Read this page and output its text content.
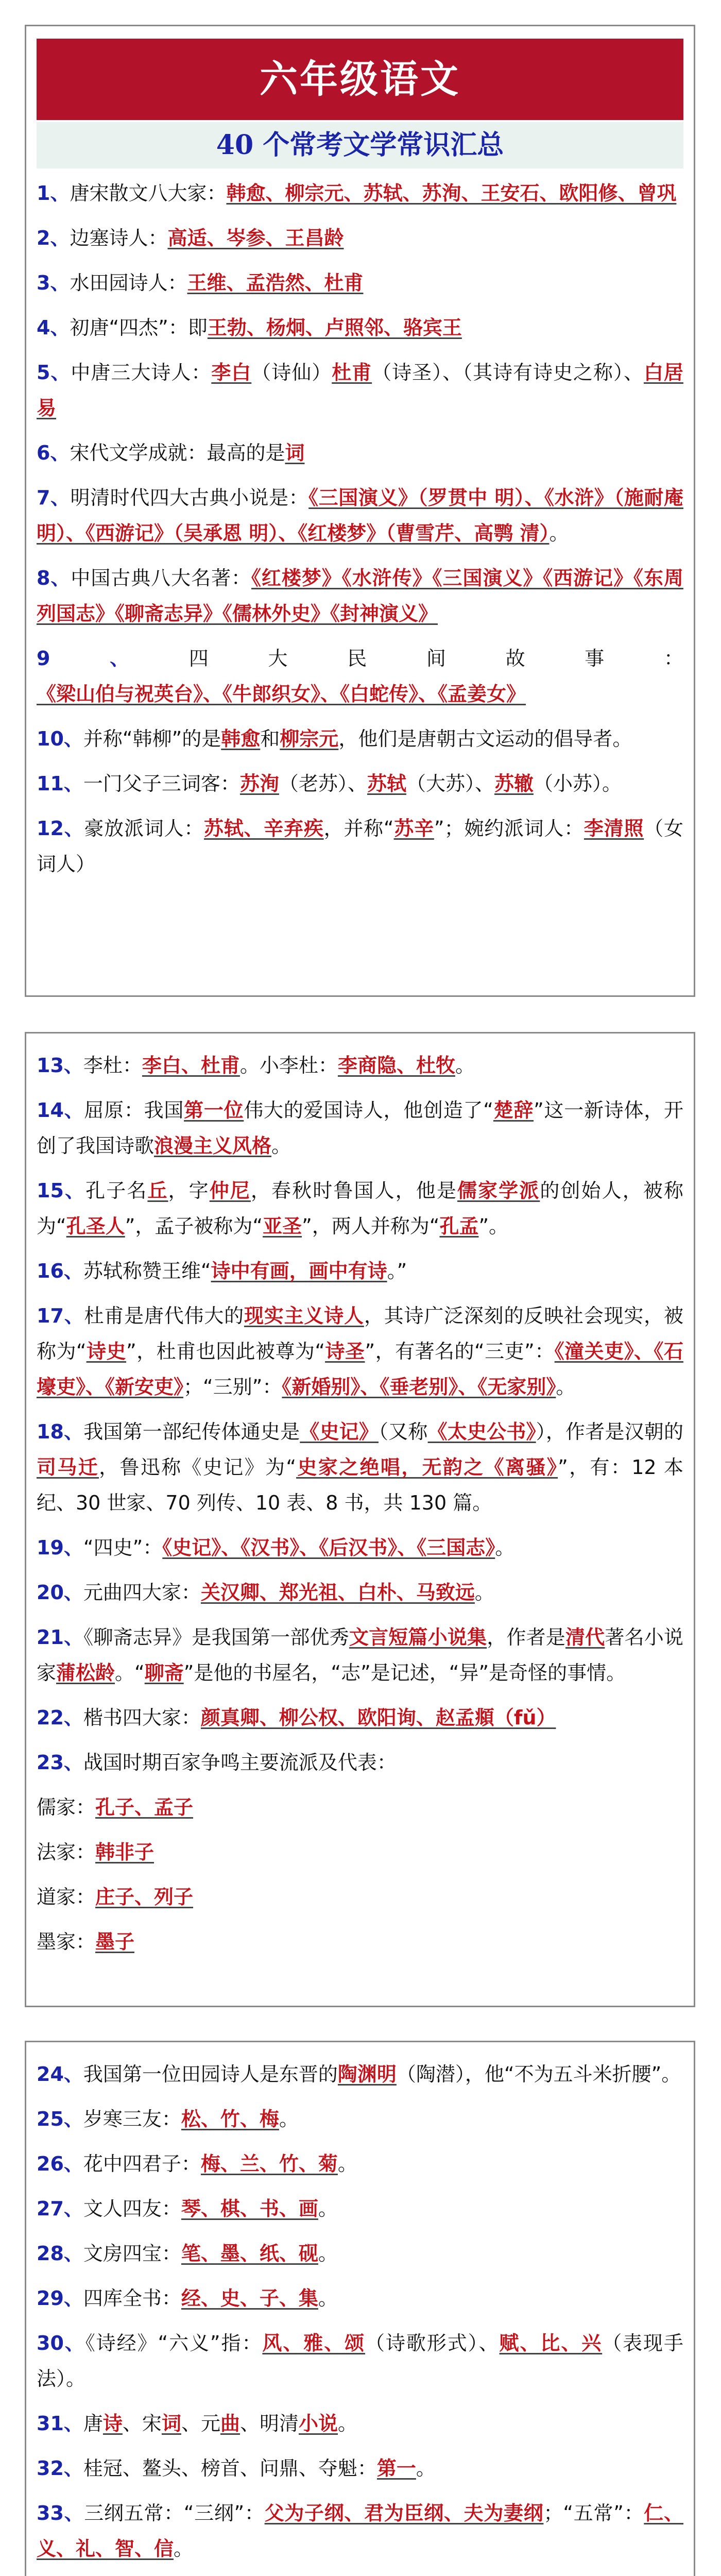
六年级语文
40 个常考文学常识汇总
1、唐宋散文八大家：韩愈、柳宗元、苏轼、苏洵、王安石、欧阳修、曾巩
2、边塞诗人：高适、岑参、王昌龄
3、水田园诗人：王维、孟浩然、杜甫
4、初唐“四杰”：即王勃、杨炯、卢照邻、骆宾王
5、中唐三大诗人：李白（诗仙）杜甫（诗圣）、（其诗有诗史之称）、白居易
6、宋代文学成就：最高的是词
7、明清时代四大古典小说是：《三国演义》（罗贯中 明）、《水浒》（施耐庵 明）、《西游记》（吴承恩 明）、《红楼梦》（曹雪芹、高鹗 清）。
8、中国古典八大名著：《红楼梦》《水浒传》《三国演义》《西游记》《东周列国志》《聊斋志异》《儒林外史》《封神演义》
9、四大民间故事：《梁山伯与祝英台》、《牛郎织女》、《白蛇传》、《孟姜女》
10、并称“韩柳”的是韩愈和柳宗元，他们是唐朝古文运动的倡导者。
11、一门父子三词客：苏洵（老苏）、苏轼（大苏）、苏辙（小苏）。
12、豪放派词人：苏轼、辛弃疾，并称“苏辛”；婉约派词人：李清照（女词人）
13、李杜：李白、杜甫。小李杜：李商隐、杜牧。
14、屈原：我国第一位伟大的爱国诗人，他创造了“楚辞”这一新诗体，开创了我国诗歌浪漫主义风格。
15、孔子名丘，字仲尼，春秋时鲁国人，他是儒家学派的创始人，被称为“孔圣人”，孟子被称为“亚圣”，两人并称为“孔孟”。
16、苏轼称赞王维“诗中有画，画中有诗。”
17、杜甫是唐代伟大的现实主义诗人，其诗广泛深刻的反映社会现实，被称为“诗史”，杜甫也因此被尊为“诗圣”，有著名的“三吏”：《潼关吏》、《石壕吏》、《新安吏》；“三别”：《新婚别》、《垂老别》、《无家别》。
18、我国第一部纪传体通史是《史记》（又称《太史公书》），作者是汉朝的司马迁，鲁迅称《史记》为“史家之绝唱，无韵之《离骚》”，有：12 本纪、30 世家、70 列传、10 表、8 书，共 130 篇。
19、“四史”：《史记》、《汉书》、《后汉书》、《三国志》。
20、元曲四大家：关汉卿、郑光祖、白朴、马致远。
21、《聊斋志异》是我国第一部优秀文言短篇小说集，作者是清代著名小说家蒲松龄。“聊斋”是他的书屋名，“志”是记述，“异”是奇怪的事情。
22、楷书四大家：颜真卿、柳公权、欧阳询、赵孟頫（fǔ）
23、战国时期百家争鸣主要流派及代表：
儒家：孔子、孟子
法家：韩非子
道家：庄子、列子
墨家：墨子
24、我国第一位田园诗人是东晋的陶渊明（陶潜），他“不为五斗米折腰”。
25、岁寒三友：松、竹、梅。
26、花中四君子：梅、兰、竹、菊。
27、文人四友：琴、棋、书、画。
28、文房四宝：笔、墨、纸、砚。
29、四库全书：经、史、子、集。
30、《诗经》“六义”指：风、雅、颂（诗歌形式）、赋、比、兴（表现手法）。
31、唐诗、宋词、元曲、明清小说。
32、桂冠、鳌头、榜首、问鼎、夺魁：第一。
33、三纲五常：“三纲”：父为子纲、君为臣纲、夫为妻纲；“五常”：仁、义、礼、智、信。
